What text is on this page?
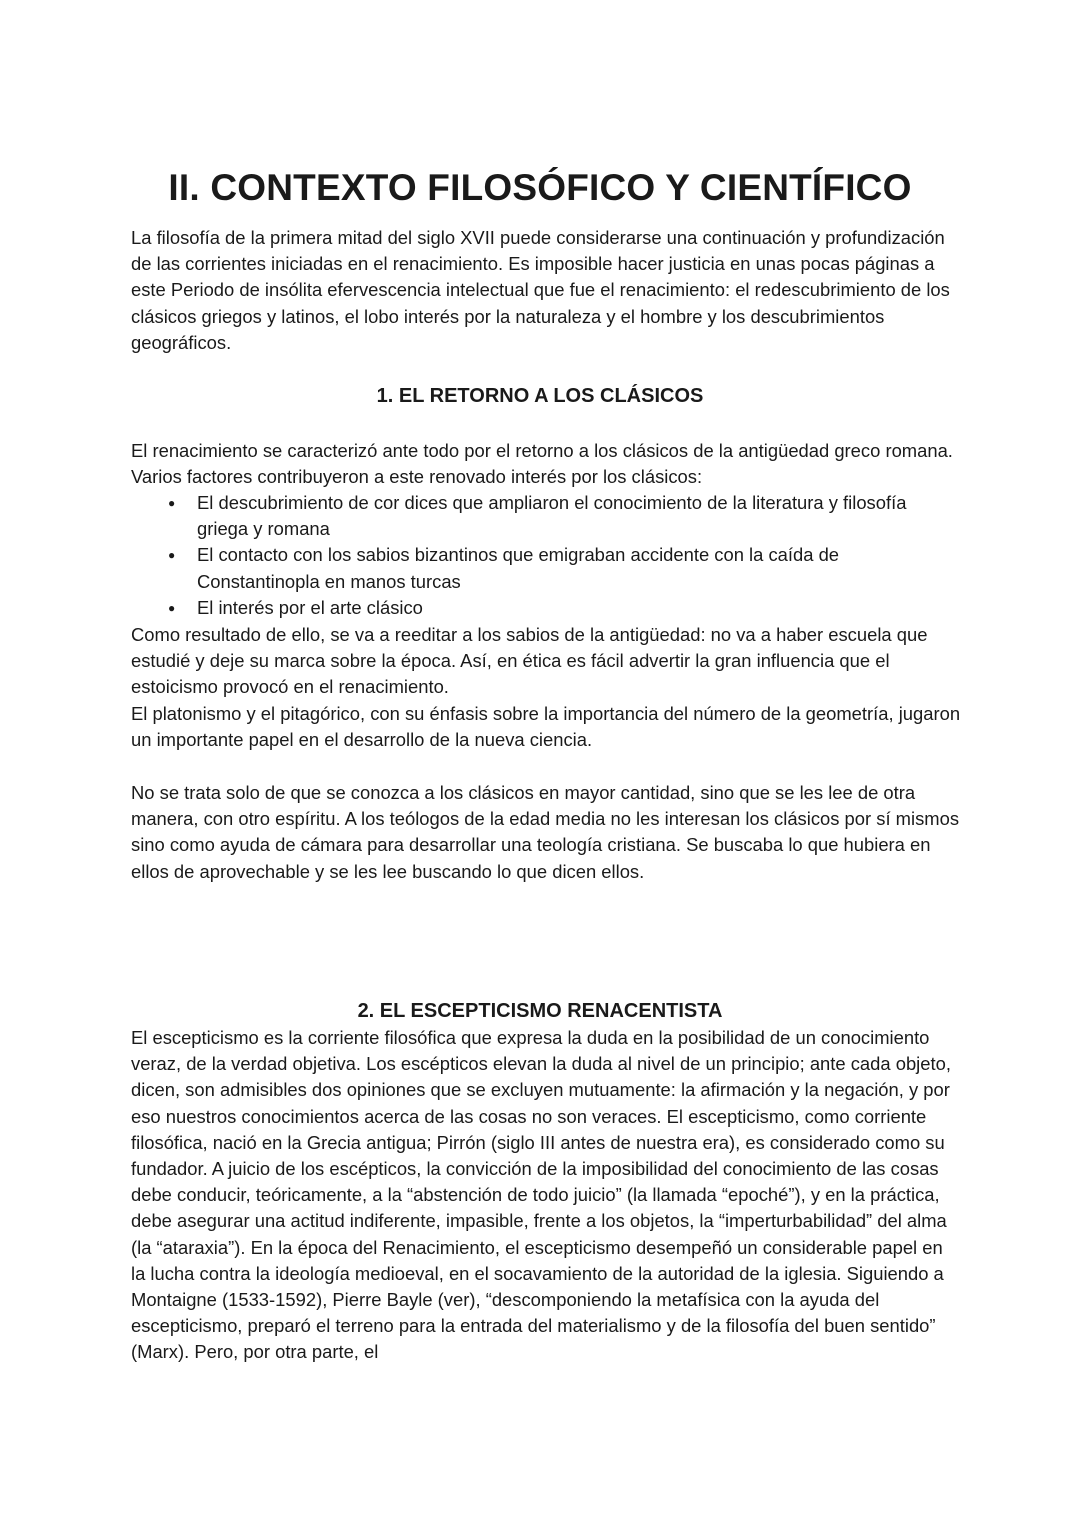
II. CONTEXTO FILOSÓFICO Y CIENTÍFICO

La filosofía de la primera mitad del siglo XVII puede considerarse una continuación y profundización de las corrientes iniciadas en el renacimiento. Es imposible hacer justicia en unas pocas páginas a este Periodo de insólita efervescencia intelectual que fue el renacimiento: el redescubrimiento de los clásicos griegos y latinos, el lobo interés por la naturaleza y el hombre y los descubrimientos geográficos.

1. EL RETORNO A LOS CLÁSICOS

El renacimiento se caracterizó ante todo por el retorno a los clásicos de la antigüedad greco romana. Varios factores contribuyeron a este renovado interés por los clásicos:

● El descubrimiento de cor dices que ampliaron el conocimiento de la literatura y filosofía griega y romana
● El contacto con los sabios bizantinos que emigraban accidente con la caída de Constantinopla en manos turcas
● El interés por el arte clásico

Como resultado de ello, se va a reeditar a los sabios de la antigüedad: no va a haber escuela que estudié y deje su marca sobre la época. Así, en ética es fácil advertir la gran influencia que el estoicismo provocó en el renacimiento.

El platonismo y el pitagórico, con su énfasis sobre la importancia del número de la geometría, jugaron un importante papel en el desarrollo de la nueva ciencia.

No se trata solo de que se conozca a los clásicos en mayor cantidad, sino que se les lee de otra manera, con otro espíritu. A los teólogos de la edad media no les interesan los clásicos por sí mismos sino como ayuda de cámara para desarrollar una teología cristiana. Se buscaba lo que hubiera en ellos de aprovechable y se les lee buscando lo que dicen ellos.

2. EL ESCEPTICISMO RENACENTISTA

El escepticismo es la corriente filosófica que expresa la duda en la posibilidad de un conocimiento veraz, de la verdad objetiva. Los escépticos elevan la duda al nivel de un principio; ante cada objeto, dicen, son admisibles dos opiniones que se excluyen mutuamente: la afirmación y la negación, y por eso nuestros conocimientos acerca de las cosas no son veraces. El escepticismo, como corriente filosófica, nació en la Grecia antigua; Pirrón (siglo III antes de nuestra era), es considerado como su fundador. A juicio de los escépticos, la convicción de la imposibilidad del conocimiento de las cosas debe conducir, teóricamente, a la “abstención de todo juicio” (la llamada “epoché”), y en la práctica, debe asegurar una actitud indiferente, impasible, frente a los objetos, la “imperturbabilidad” del alma (la “ataraxia”). En la época del Renacimiento, el escepticismo desempeñó un considerable papel en la lucha contra la ideología medioeval, en el socavamiento de la autoridad de la iglesia. Siguiendo a Montaigne (1533-1592), Pierre Bayle (ver), “descomponiendo la metafísica con la ayuda del escepticismo, preparó el terreno para la entrada del materialismo y de la filosofía del buen sentido” (Marx). Pero, por otra parte, el
